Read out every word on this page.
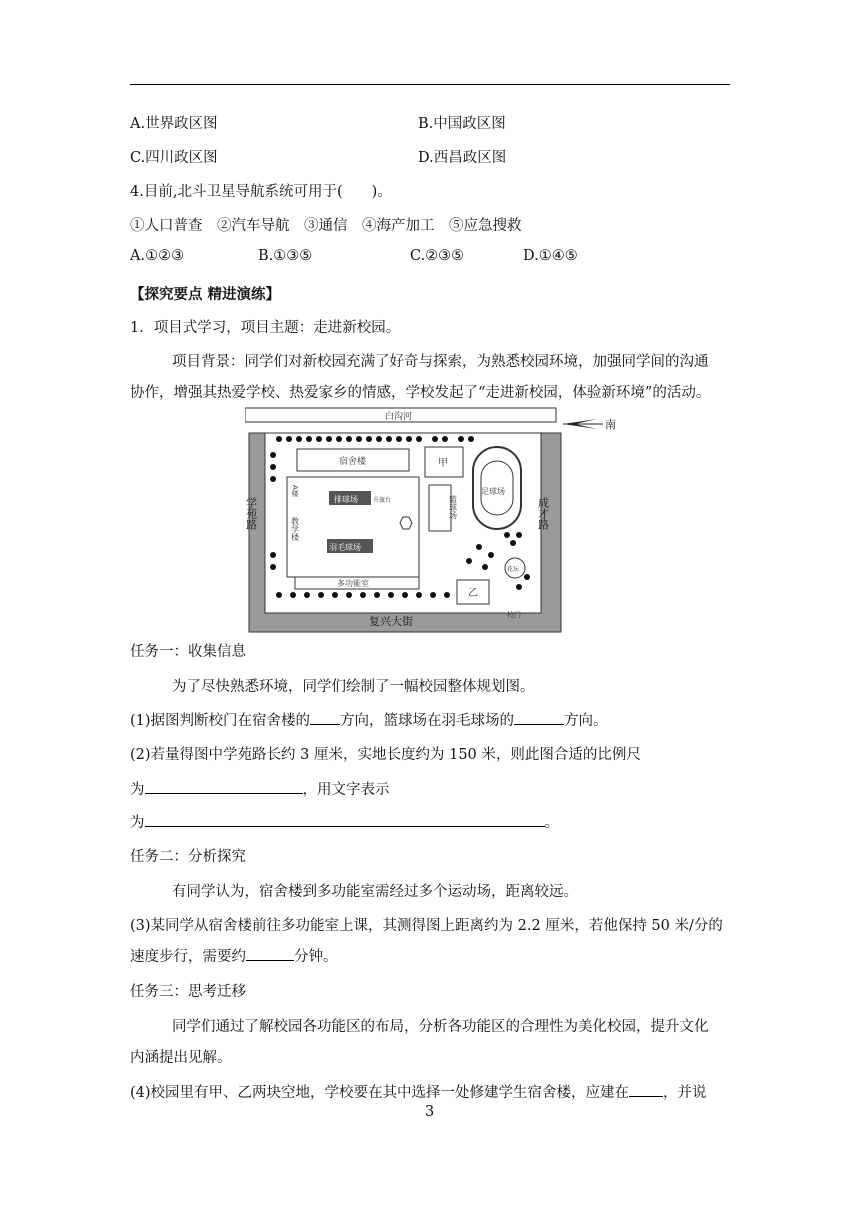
A.世界政区图	B.中国政区图
C.四川政区图	D.西昌政区图
4.目前,北斗卫星导航系统可用于(　　)。
①人口普查　②汽车导航　③通信　④海产加工　⑤应急搜救
A.①②③	B.①③⑤	C.②③⑤	D.①④⑤
【探究要点 精进演练】
1．项目式学习，项目主题：走进新校园。
项目背景：同学们对新校园充满了好奇与探索，为熟悉校园环境，加强同学间的沟通
协作，增强其热爱学校、热爱家乡的情感，学校发起了“走进新校园，体验新环境”的活动。
白沟河
南
学苑路	成才路
复兴大街
宿舍楼	甲
足球场
教学楼
A楼
排球场	升旗台
羽毛球场
篮球场
多功能室
花坛
乙
校门
任务一：收集信息
为了尽快熟悉环境，同学们绘制了一幅校园整体规划图。
(1)据图判断校门在宿舍楼的 方向，篮球场在羽毛球场的	方向。
(2)若量得图中学苑路长约 3 厘米，实地长度约为 150 米，则此图合适的比例尺
为	，用文字表示
为	。
任务二：分析探究
有同学认为，宿舍楼到多功能室需经过多个运动场，距离较远。
(3)某同学从宿舍楼前往多功能室上课，其测得图上距离约为 2.2 厘米，若他保持 50 米/分的
速度步行，需要约	分钟。
任务三：思考迁移
同学们通过了解校园各功能区的布局，分析各功能区的合理性为美化校园，提升文化
内涵提出见解。
(4)校园里有甲、乙两块空地，学校要在其中选择一处修建学生宿舍楼，应建在 ，并说
3
